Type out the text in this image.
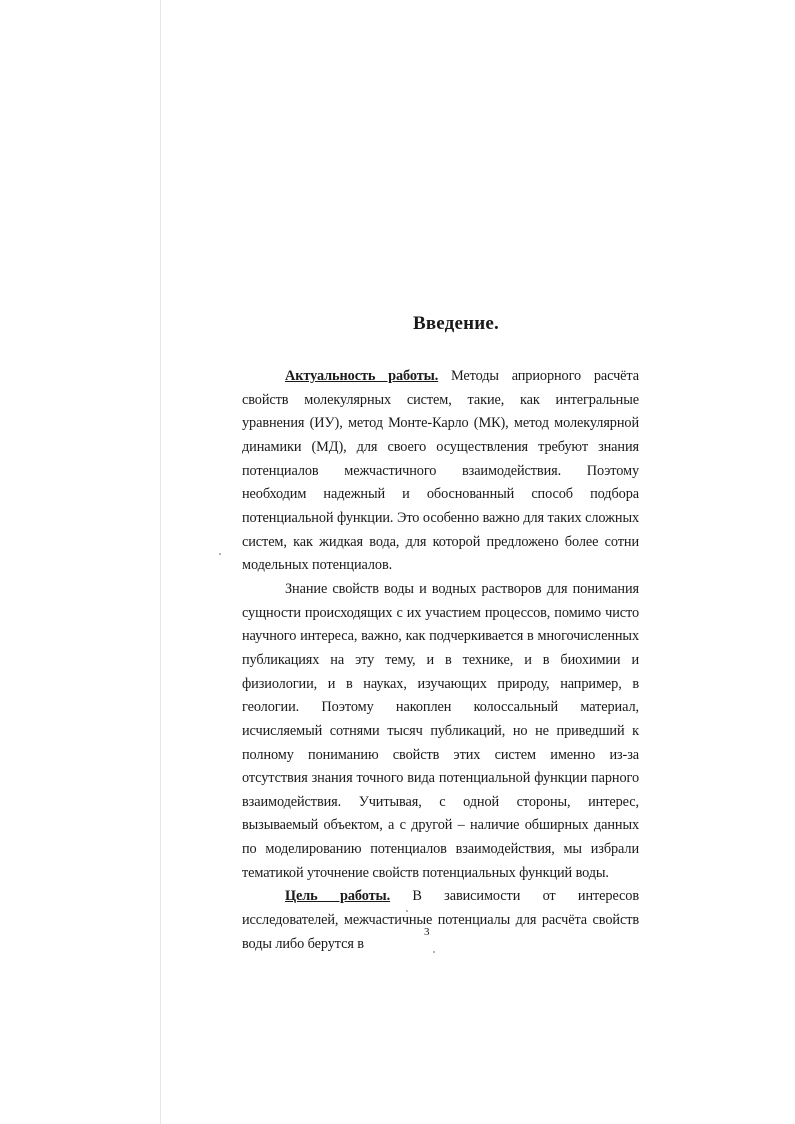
Введение.

Актуальность работы. Методы априорного расчёта свойств молекулярных систем, такие, как интегральные уравнения (ИУ), метод Монте-Карло (МК), метод молекулярной динамики (МД), для своего осуществления требуют знания потенциалов межчастичного взаимодействия. Поэтому необходим надежный и обоснованный способ подбора потенциальной функции. Это особенно важно для таких сложных систем, как жидкая вода, для которой предложено более сотни модельных потенциалов.

Знание свойств воды и водных растворов для понимания сущности происходящих с их участием процессов, помимо чисто научного интереса, важно, как подчеркивается в многочисленных публикациях на эту тему, и в технике, и в биохимии и физиологии, и в науках, изучающих природу, например, в геологии. Поэтому накоплен колоссальный материал, исчисляемый сотнями тысяч публикаций, но не приведший к полному пониманию свойств этих систем именно из-за отсутствия знания точного вида потенциальной функции парного взаимодействия. Учитывая, с одной стороны, интерес, вызываемый объектом, а с другой – наличие обширных данных по моделированию потенциалов взаимодействия, мы избрали тематикой уточнение свойств потенциальных функций воды.

Цель работы. В зависимости от интересов исследователей, межчастичные потенциалы для расчёта свойств воды либо берутся в

3
